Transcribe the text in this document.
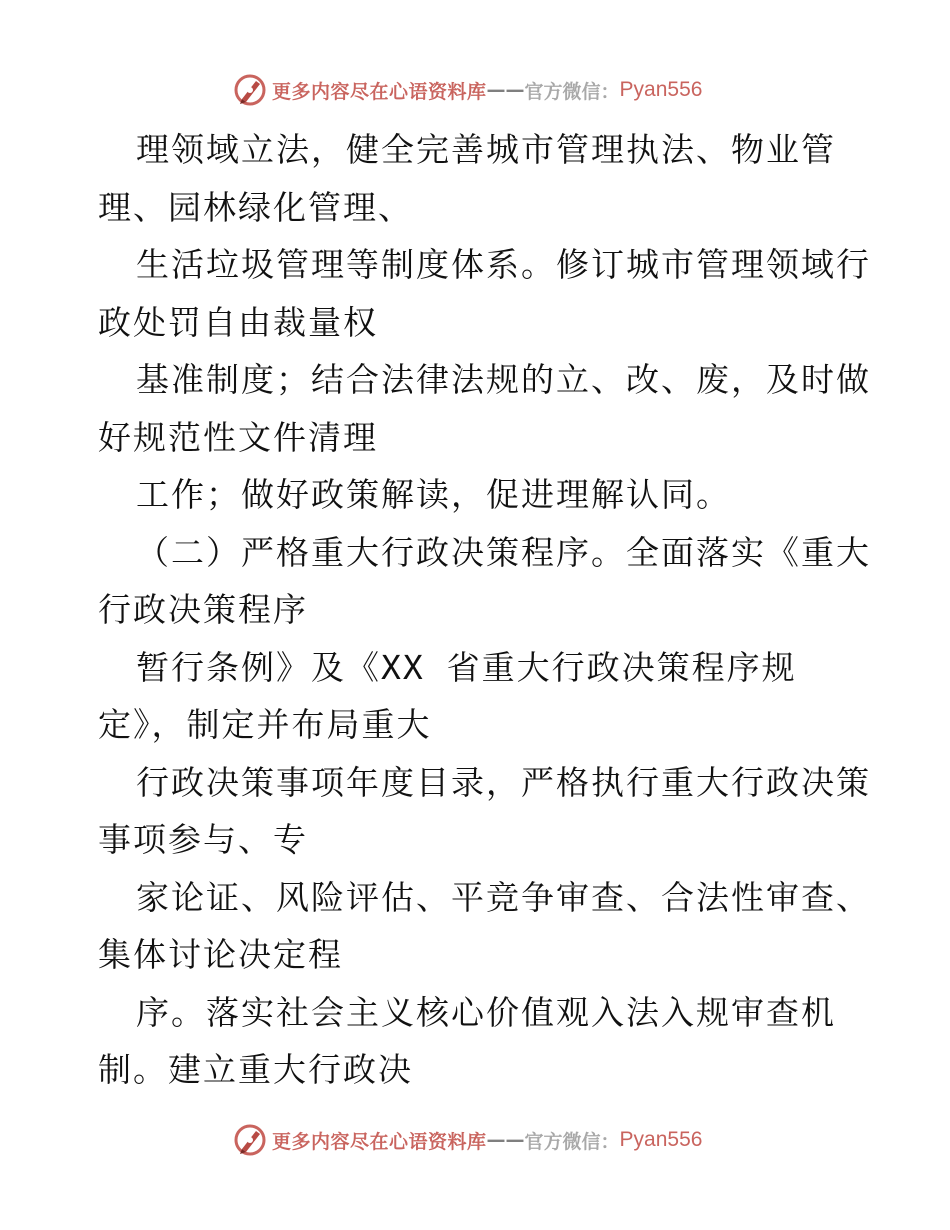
更多内容尽在心语资料库 —— 官方微信： Pyan556
理领域立法，健全完善城市管理执法、物业管
理、园林绿化管理、
生活垃圾管理等制度体系。修订城市管理领域行
政处罚自由裁量权
基准制度；结合法律法规的立、改、废，及时做
好规范性文件清理
工作；做好政策解读，促进理解认同。
（二）严格重大行政决策程序。全面落实《重大
行政决策程序
暂行条例》及《XX 省重大行政决策程序规
定》，制定并布局重大
行政决策事项年度目录，严格执行重大行政决策
事项参与、专
家论证、风险评估、平竞争审查、合法性审查、
集体讨论决定程
序。落实社会主义核心价值观入法入规审查机
制。建立重大行政决
更多内容尽在心语资料库 —— 官方微信： Pyan556
